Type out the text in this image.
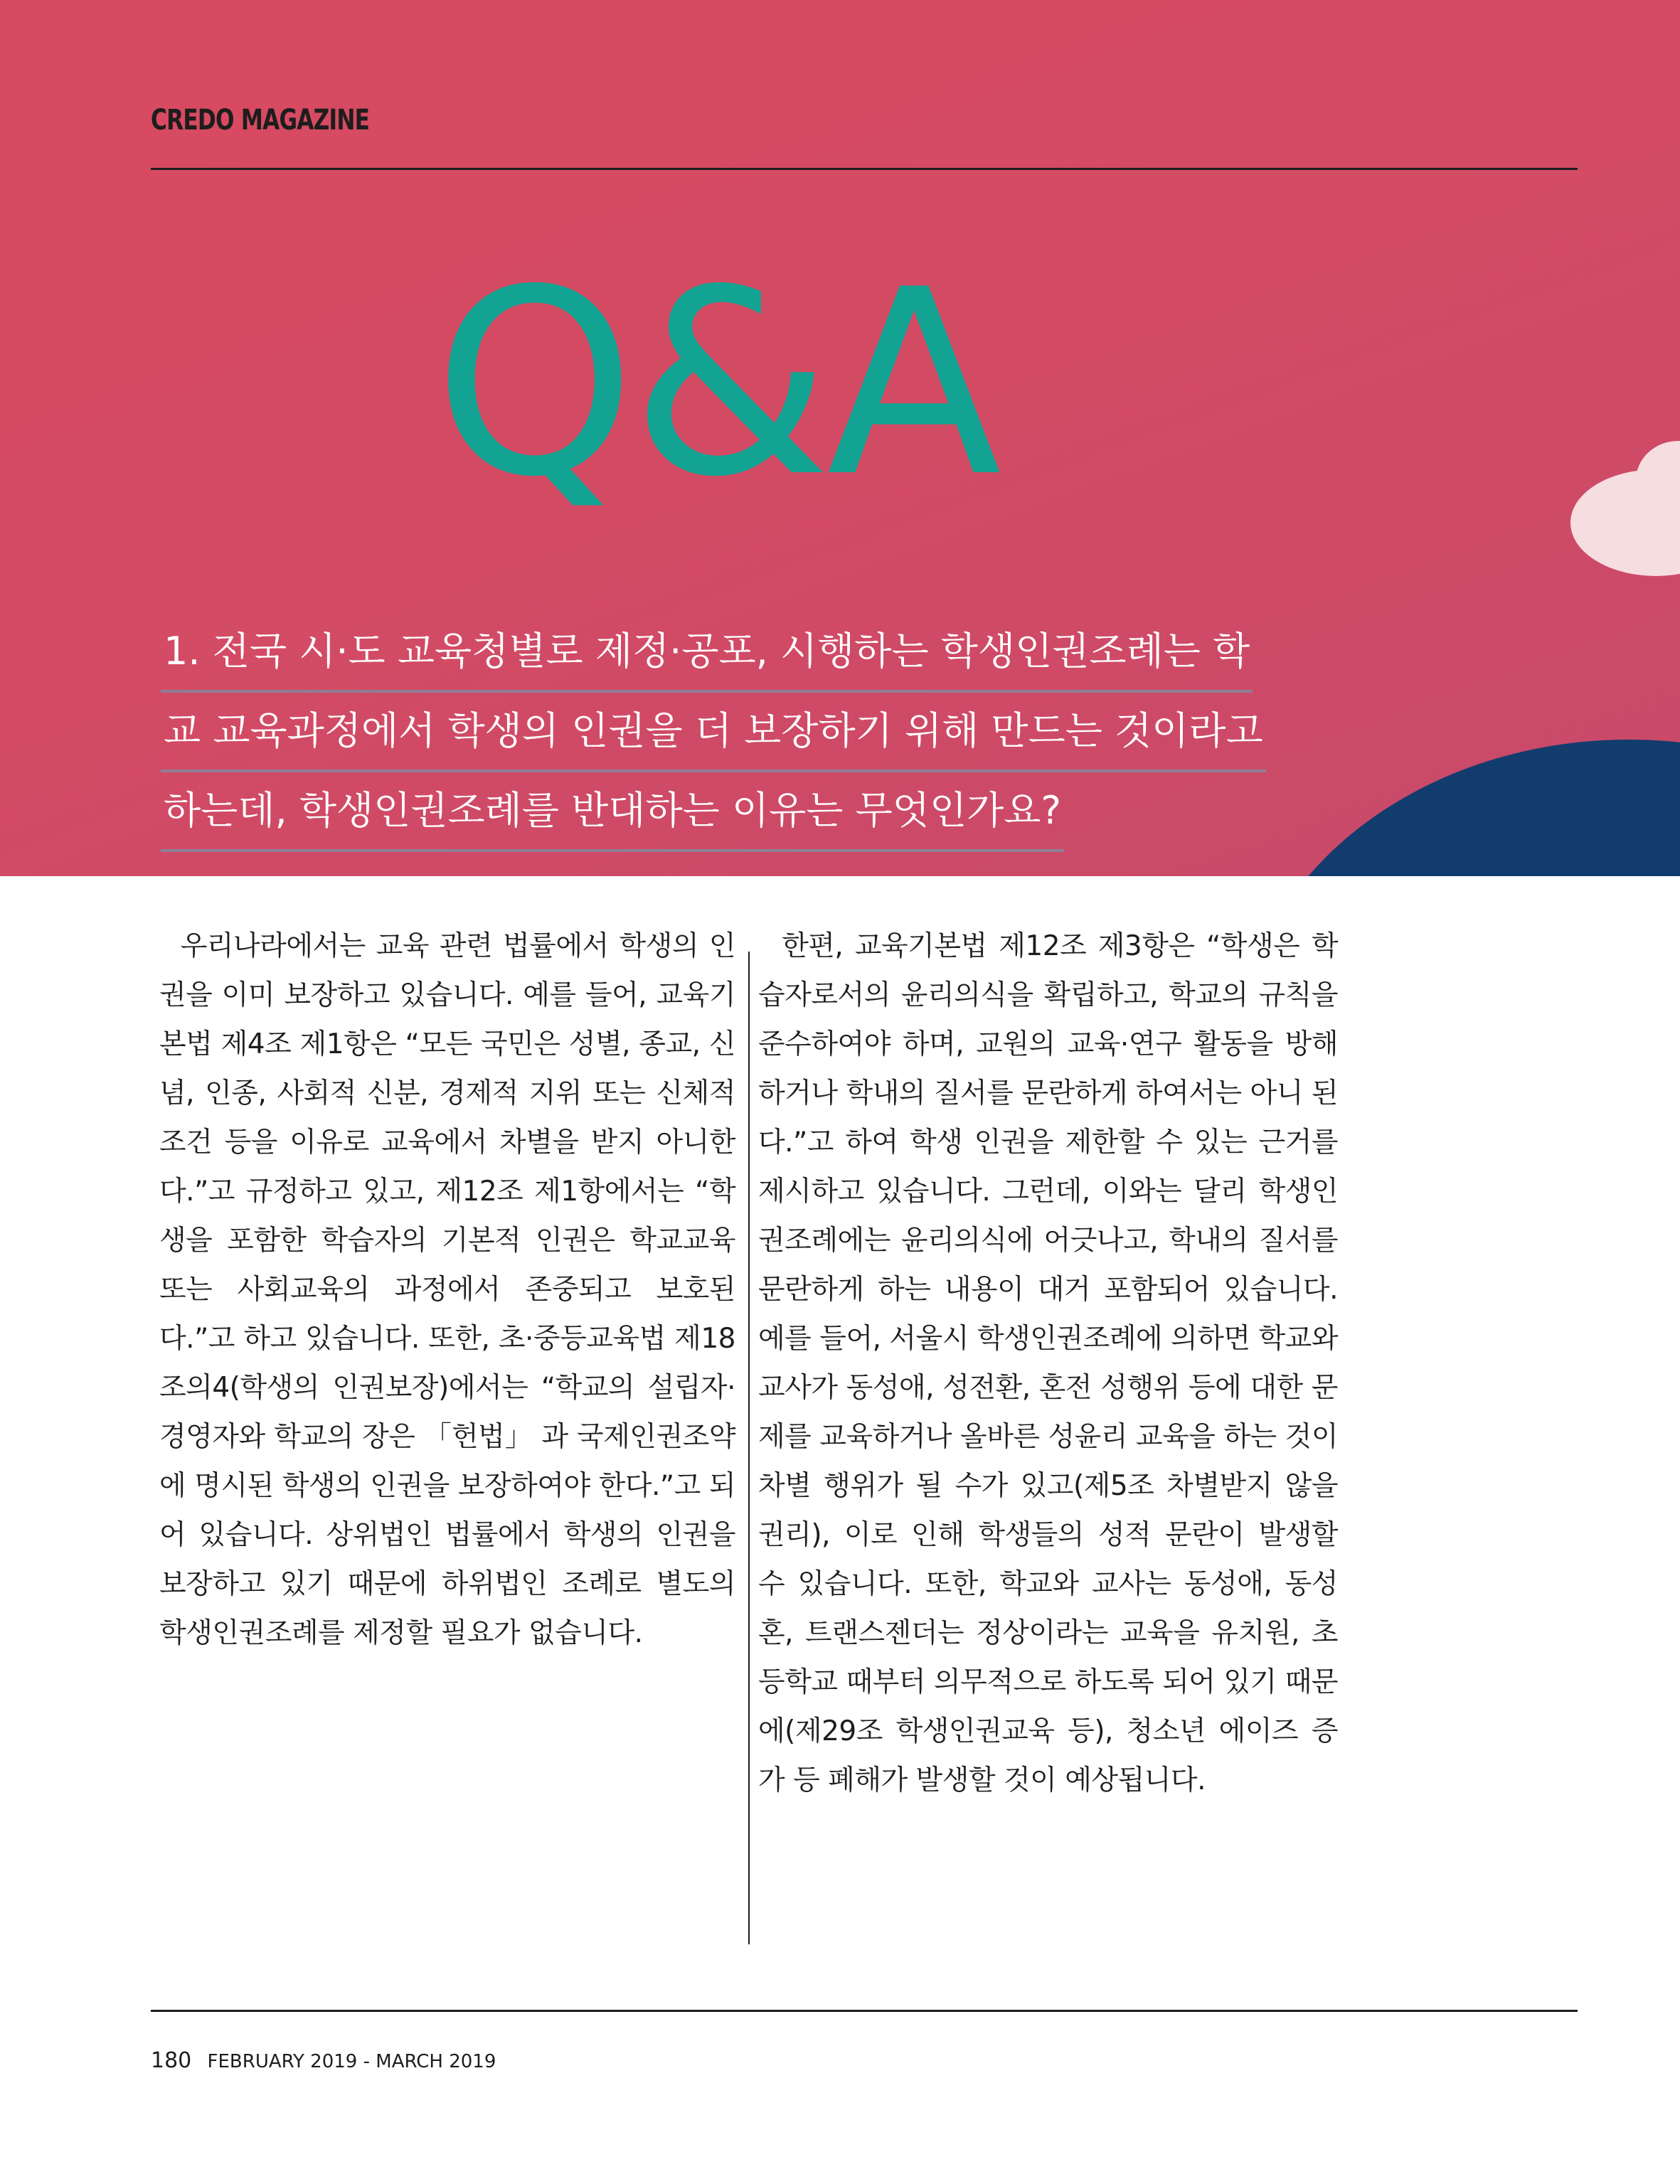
CREDO MAGAZINE
Q&A
1. 전국 시·도 교육청별로 제정·공포, 시행하는 학생인권조례는 학
교 교육과정에서 학생의 인권을 더 보장하기 위해 만드는 것이라고
하는데, 학생인권조례를 반대하는 이유는 무엇인가요?

우리나라에서는 교육 관련 법률에서 학생의 인권을 이미 보장하고 있습니다. 예를 들어, 교육기본법 제4조 제1항은 “모든 국민은 성별, 종교, 신념, 인종, 사회적 신분, 경제적 지위 또는 신체적 조건 등을 이유로 교육에서 차별을 받지 아니한다.”고 규정하고 있고, 제12조 제1항에서는 “학생을 포함한 학습자의 기본적 인권은 학교교육 또는 사회교육의 과정에서 존중되고 보호된다.”고 하고 있습니다. 또한, 초·중등교육법 제18조의4(학생의 인권보장)에서는 “학교의 설립자·경영자와 학교의 장은 「헌법」 과 국제인권조약에 명시된 학생의 인권을 보장하여야 한다.”고 되어 있습니다. 상위법인 법률에서 학생의 인권을 보장하고 있기 때문에 하위법인 조례로 별도의 학생인권조례를 제정할 필요가 없습니다.

한편, 교육기본법 제12조 제3항은 “학생은 학습자로서의 윤리의식을 확립하고, 학교의 규칙을 준수하여야 하며, 교원의 교육·연구 활동을 방해하거나 학내의 질서를 문란하게 하여서는 아니 된다.”고 하여 학생 인권을 제한할 수 있는 근거를 제시하고 있습니다. 그런데, 이와는 달리 학생인권조례에는 윤리의식에 어긋나고, 학내의 질서를 문란하게 하는 내용이 대거 포함되어 있습니다. 예를 들어, 서울시 학생인권조례에 의하면 학교와 교사가 동성애, 성전환, 혼전 성행위 등에 대한 문제를 교육하거나 올바른 성윤리 교육을 하는 것이 차별 행위가 될 수가 있고(제5조 차별받지 않을 권리), 이로 인해 학생들의 성적 문란이 발생할 수 있습니다. 또한, 학교와 교사는 동성애, 동성혼, 트랜스젠더는 정상이라는 교육을 유치원, 초등학교 때부터 의무적으로 하도록 되어 있기 때문에(제29조 학생인권교육 등), 청소년 에이즈 증가 등 폐해가 발생할 것이 예상됩니다.

180 FEBRUARY 2019 - MARCH 2019
